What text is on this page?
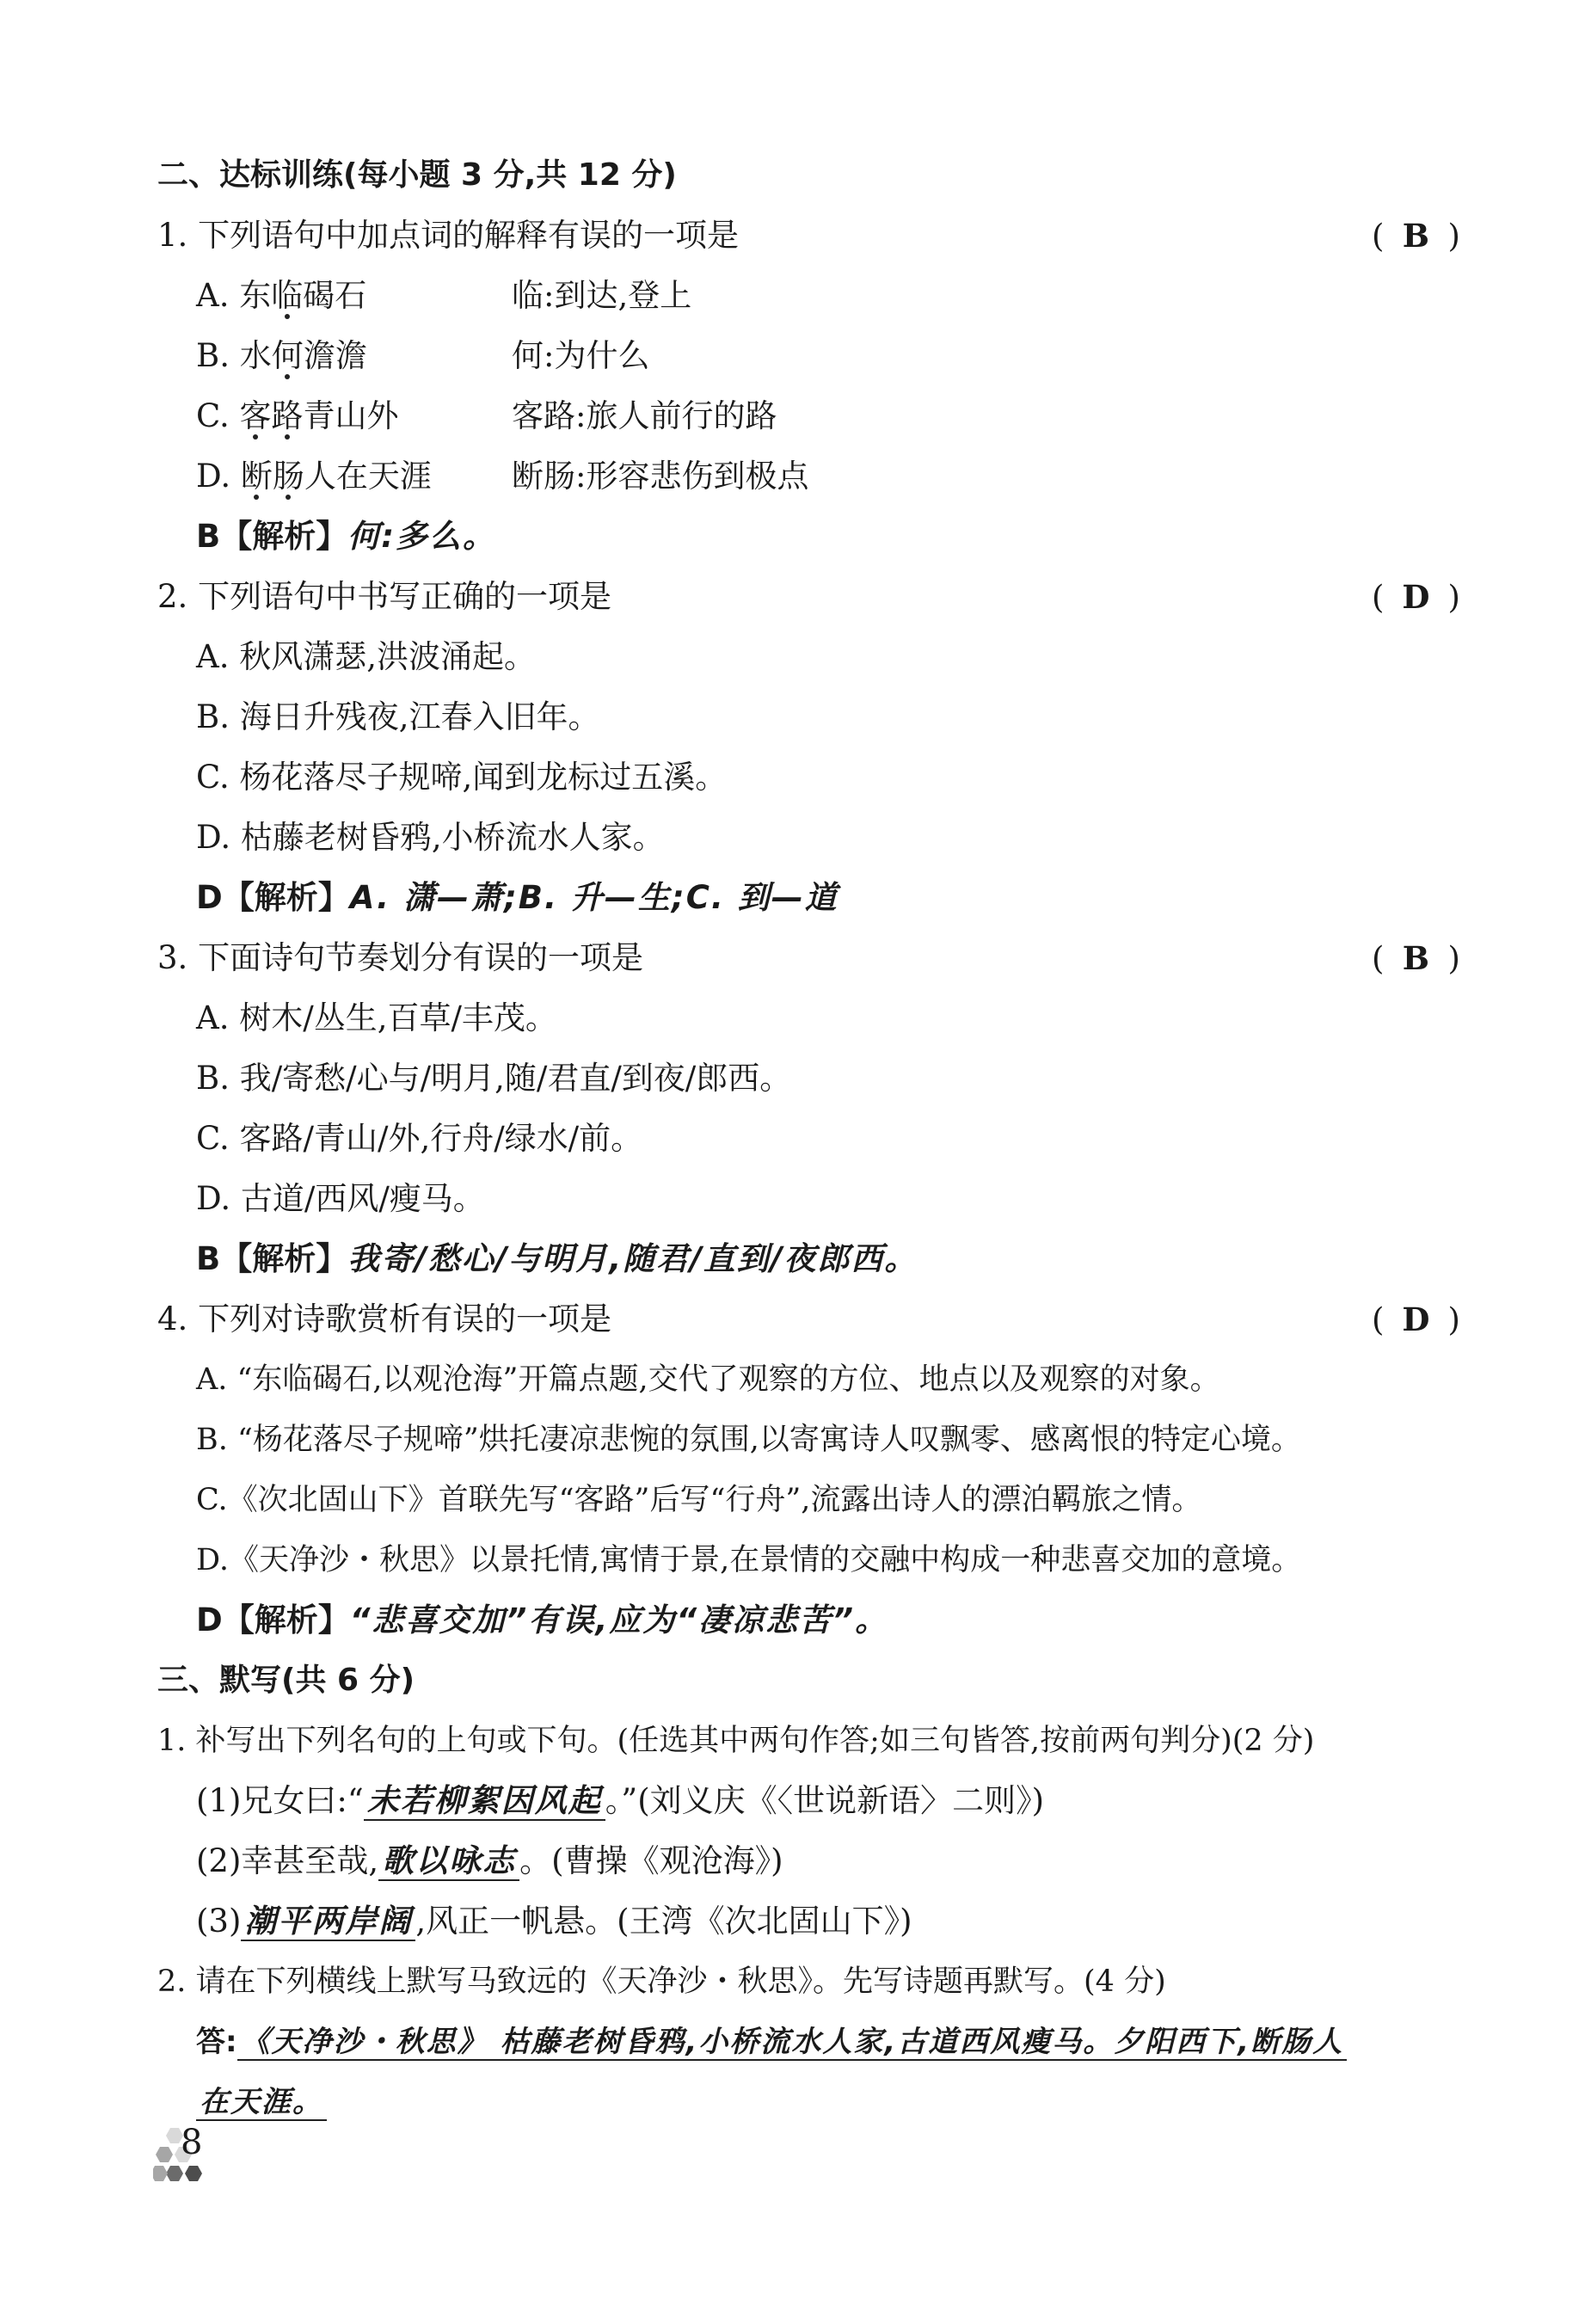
二、达标训练(每小题 3 分,共 12 分)
1. 下列语句中加点词的解释有误的一项是	( B )
A. 东临碣石	临:到达,登上
B. 水何澹澹	何:为什么
C. 客路青山外	客路:旅人前行的路
D. 断肠人在天涯	断肠:形容悲伤到极点
B【解析】何:多么。
2. 下列语句中书写正确的一项是	( D )
A. 秋风潇瑟,洪波涌起。
B. 海日升残夜,江春入旧年。
C. 杨花落尽子规啼,闻到龙标过五溪。
D. 枯藤老树昏鸦,小桥流水人家。
D【解析】A. 潇—萧;B. 升—生;C. 到—道
3. 下面诗句节奏划分有误的一项是	( B )
A. 树木/丛生,百草/丰茂。
B. 我/寄愁/心与/明月,随/君直/到夜/郎西。
C. 客路/青山/外,行舟/绿水/前。
D. 古道/西风/瘦马。
B【解析】我寄/愁心/与明月,随君/直到/夜郎西。
4. 下列对诗歌赏析有误的一项是	( D )
A. “东临碣石,以观沧海”开篇点题,交代了观察的方位、地点以及观察的对象。
B. “杨花落尽子规啼”烘托凄凉悲惋的氛围,以寄寓诗人叹飘零、感离恨的特定心境。
C.《次北固山下》首联先写“客路”后写“行舟”,流露出诗人的漂泊羁旅之情。
D.《天净沙・秋思》以景托情,寓情于景,在景情的交融中构成一种悲喜交加的意境。
D【解析】“悲喜交加”有误,应为“凄凉悲苦”。
三、默写(共 6 分)
1. 补写出下列名句的上句或下句。(任选其中两句作答;如三句皆答,按前两句判分)(2 分)
(1)兄女曰:“ 未若柳絮因风起 。”(刘义庆《〈世说新语〉二则》)
(2)幸甚至哉, 歌以咏志 。(曹操《观沧海》)
(3) 潮平两岸阔 ,风正一帆悬。(王湾《次北固山下》)
2. 请在下列横线上默写马致远的《天净沙・秋思》。先写诗题再默写。(4 分)
答: 《天净沙・秋思》 枯藤老树昏鸦,小桥流水人家,古道西风瘦马。夕阳西下,断肠人
在天涯。
8
